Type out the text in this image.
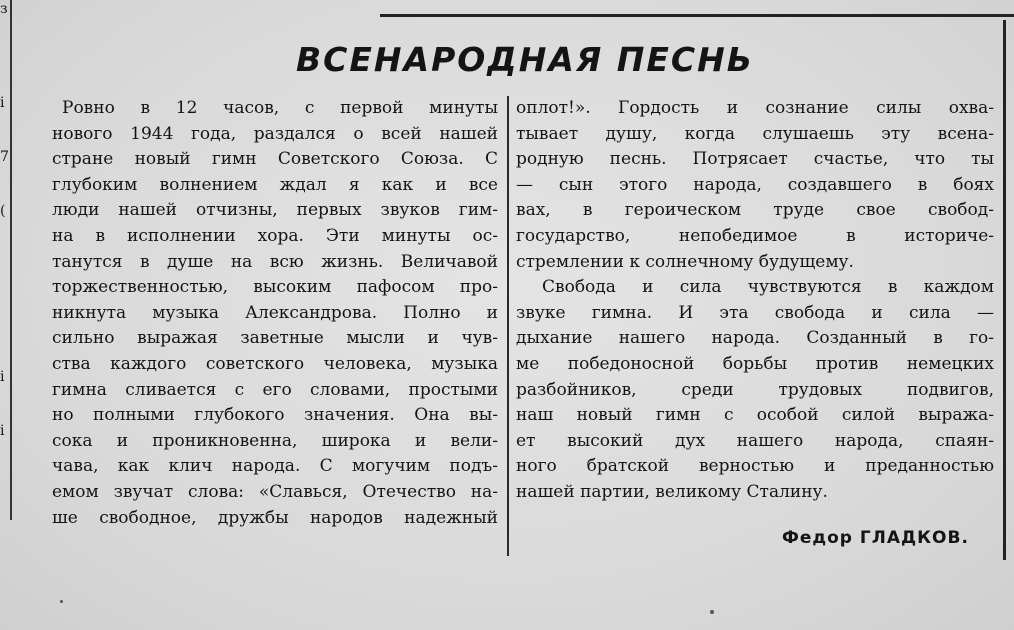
з
і
7
(
і
і
ВСЕНАРОДНАЯ ПЕСНЬ
Ровно в 12 часов, с первой минуты
нового 1944 года, раздался о всей нашей
стране новый гимн Советского Союза. С
глубоким волнением ждал я как и все
люди нашей отчизны, первых звуков гим-
на в исполнении хора. Эти минуты ос-
танутся в душе на всю жизнь. Величавой
торжественностью, высоким пафосом про-
никнута музыка Александрова. Полно и
сильно выражая заветные мысли и чув-
ства каждого советского человека, музыка
гимна сливается с его словами, простыми
но полными глубокого значения. Она вы-
сока и проникновенна, широка и вели-
чава, как клич народа. С могучим подъ-
емом звучат слова: «Славься, Отечество на-
ше свободное, дружбы народов надежный
оплот!». Гордость и сознание силы охва-
тывает душу, когда слушаешь эту всена-
родную песнь. Потрясает счастье, что ты
— сын этого народа, создавшего в боях
вах, в героическом труде свое свобод-
государство, непобедимое в историче-
стремлении к солнечному будущему.
Свобода и сила чувствуются в каждом
звуке гимна. И эта свобода и сила —
дыхание нашего народа. Созданный в го-
ме победоносной борьбы против немецких
разбойников, среди трудовых подвигов,
наш новый гимн с особой силой выража-
ет высокий дух нашего народа, спаян-
ного братской верностью и преданностью
нашей партии, великому Сталину.
Федор ГЛАДКОВ.
